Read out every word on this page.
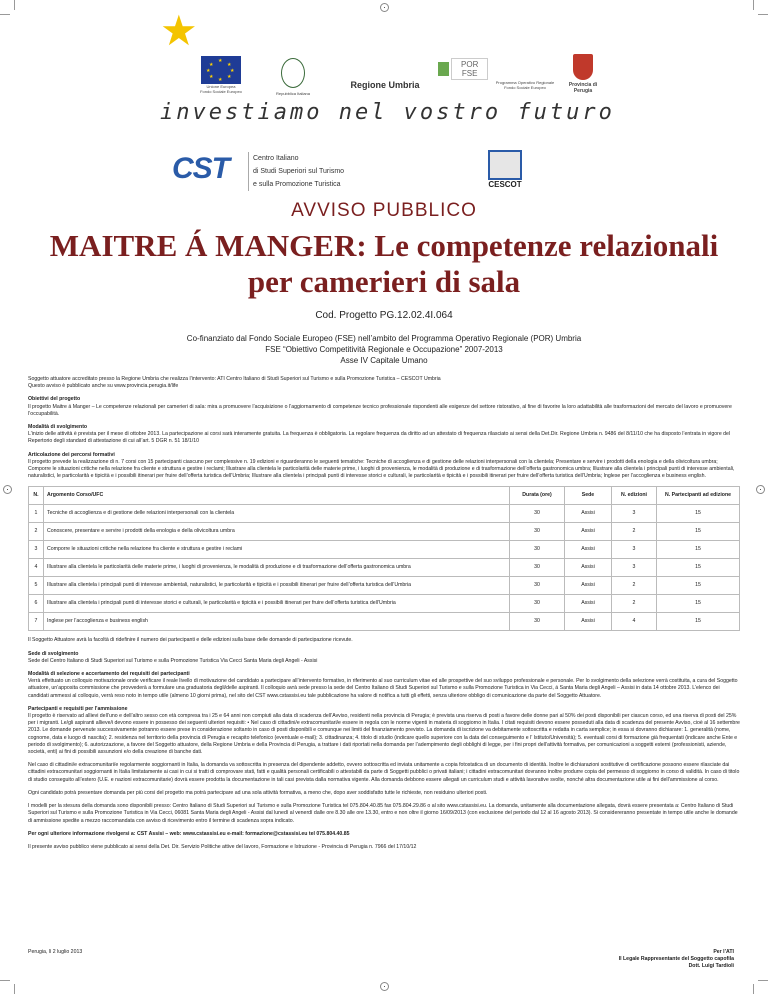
★
★
★
★
★
★
★
★
★
Unione Europea
Fondo Sociale Europeo	Repubblica Italiana
Regione Umbria
POR FSE
Programma Operativo Regionale
Fondo Sociale Europeo	Provincia di Perugia
investiamo nel vostro futuro
CST	Centro Italiano
di Studi Superiori sul Turismo
e sulla Promozione Turistica	CESCOT
AVVISO PUBBLICO
MAITRE Á MANGER: Le competenze relazionali
per camerieri di sala
Cod. Progetto PG.12.02.4I.064
Co-finanziato dal Fondo Sociale Europeo (FSE) nell’ambito del Programma Operativo Regionale (POR) Umbria
FSE “Obiettivo Competitività Regionale e Occupazione” 2007-2013
Asse IV Capitale Umano

Soggetto attuatore accreditato presso la Regione Umbria che realizza l’intervento: ATI Centro Italiano di Studi Superiori sul Turismo e sulla Promozione Turistica – CESCOT Umbria
Questo avviso è pubblicato anche su www.provincia.perugia.it/life

Obiettivi del progetto
Il progetto Maitre á Manger – Le competenze relazionali per camerieri di sala: mira a promuovere l’acquisizione o l’aggiornamento di competenze tecnico professionale rispondenti alle esigenze del settore ristorativo, al fine di favorire la loro adattabilità alle trasformazioni del mercato del lavoro e promuovere l’occupabilità.

Modalità di svolgimento
L’inizio delle attività è prevista per il mese di ottobre 2013. La partecipazione ai corsi sarà interamente gratuita. La frequenza è obbligatoria. La regolare frequenza da diritto ad un attestato di frequenza rilasciato ai sensi della Det.Dir. Regione Umbria n. 9486 del 8/11/10 che ha disposto l’entrata in vigore del Repertorio degli standard di attestazione di cui all’art. 5 DGR n. 51 18/1/10

Articolazione dei percorsi formativi
Il progetto prevede la realizzazione di n. 7 corsi con 15 partecipanti ciascuno per complessive n. 19 edizioni e riguarderanno le seguenti tematiche: Tecniche di accoglienza e di gestione delle relazioni interpersonali con la clientela; Presentare e servire i prodotti della enologia e della olivicoltura umbra; Comporre le situazioni critiche nella relazione fra cliente e struttura e gestire i reclami; Illustrare alla clientela le particolarità delle materie prime, i luoghi di provenienza, le modalità di produzione e di trasformazione dell’offerta gastronomica umbra; Illustrare alla clientela i principali punti di interesse ambientali, naturalistici, le particolarità e tipicità e i possibili itinerari per fruire dell’offerta turistica dell’Umbria; Illustrare alla clientela i principali punti di interesse storici e culturali, le particolarità e tipicità e i possibili itinerari per fruire dell’offerta turistica dell’Umbria; Inglese per l’accoglienza e business english.

N.	Argomento Corso/UFC	Durata (ore)	Sede	N. edizioni	N. Partecipanti ad edizione
1	Tecniche di accoglienza e di gestione delle relazioni interpersonali con la clientela	30	Assisi	3	15
2	Conoscere, presentare e servire i prodotti della enologia e della olivicoltura umbra	30	Assisi	2	15
3	Comporre le situazioni critiche nella relazione fra cliente e struttura e gestire i reclami	30	Assisi	3	15
4	Illustrare alla clientela le particolarità delle materie prime, i luoghi di provenienza, le modalità di produzione e di trasformazione dell’offerta gastronomica umbra	30	Assisi	3	15
5	Illustrare alla clientela i principali punti di interesse ambientali, naturalistici, le particolarità e tipicità e i possibili itinerari per fruire dell’offerta turistica dell’Umbria	30	Assisi	2	15
6	Illustrare alla clientela i principali punti di interesse storici e culturali, le particolarità e tipicità e i possibili itinerari per fruire dell’offerta turistica dell’Umbria	30	Assisi	2	15
7	Inglese per l’accoglienza e business english	30	Assisi	4	15

Il Soggetto Attuatore avrà la facoltà di ridefinire il numero dei partecipanti e delle edizioni sulla base delle domande di partecipazione ricevute.

Sede di svolgimento
Sede del Centro Italiano di Studi Superiori sul Turismo e sulla Promozione Turistica Via Cecci Santa Maria degli Angeli - Assisi

Modalità di selezione e accertamento dei requisiti dei partecipanti
Verrà effettuato un colloquio motivazionale onde verificare il reale livello di motivazione del candidato a partecipare all’intervento formativo, in riferimento al suo curriculum vitae ed alle prospettive del suo sviluppo professionale e personale. Per lo svolgimento della selezione verrà costituita, a cura del Soggetto attuatore, un’apposita commissione che provvederà a formulare una graduatoria degli/delle aspiranti. Il colloquio avrà sede presso la sede del Centro Italiano di Studi Superiori sul Turismo e sulla Promozione Turistica in Via Cecci, á Santa Maria degli Angeli – Assisi in data 14 ottobre 2013. L’elenco dei candidati ammessi al colloquio, verrà reso noto in tempo utile (almeno 10 giorni prima), nel sito del CST www.cstassisi.eu tale pubblicazione ha valore di notifica a tutti gli effetti, senza ulteriore obbligo di comunicazione da parte del Soggetto Attuatore.

Partecipanti e requisiti per l’ammissione
Il progetto è riservato ad allievi dell’uno e dell’altro sesso con età compresa tra i 25 e 64 anni non compiuti alla data di scadenza dell’Avviso, residenti nella provincia di Perugia; è prevista una riserva di posti a favore delle donne pari al 50% dei posti disponibili per ciascun corso, ed una riserva di posti del 25% per i migranti. Le/gli aspiranti allieve/i devono essere in possesso dei seguenti ulteriori requisiti: • Nel caso di cittadini/e extracomunitari/e essere in regola con le norme vigenti in materia di soggiorno in Italia. I citati requisiti devono essere posseduti alla data di scadenza del presente Avviso, cioè al 16 settembre 2013. Le domande pervenute successivamente potranno essere prese in considerazione soltanto in caso di posti disponibili e comunque nei limiti del finanziamento previsto. La domanda di iscrizione va debitamente sottoscritta e redatta in carta semplice; in essa si dovranno dichiarare: 1. generalità (nome, cognome, data e luogo di nascita); 2. residenza nel territorio della provincia di Perugia e recapito telefonico (eventuale e-mail); 3. cittadinanza; 4. titolo di studio (indicare quello superiore con la data del conseguimento e l’ Istituto/Università); 5. eventuali corsi di formazione già frequentati (indicare anche Ente e periodo di svolgimento); 6. autorizzazione, a favore del Soggetto attuatore, della Regione Umbria e della Provincia di Perugia, a trattare i dati riportati nella domanda per l’adempimento degli obblighi di legge, per i fini propri dell’attività formativa, per comunicazioni a soggetti esterni (professionisti, aziende, società, enti) ai fini di possibili assunzioni e/o della creazione di banche dati.

Nel caso di cittadini/e extracomunitari/e regolarmente soggiornanti in Italia, la domanda va sottoscritta in presenza del dipendente addetto, ovvero sottoscritta ed inviata unitamente a copia fotostatica di un documento di identità. Inoltre le dichiarazioni sostitutive di certificazione possono essere rilasciate dai cittadini extracomunitari soggiornanti in Italia limitatamente ai casi in cui si tratti di comprovare stati, fatti e qualità personali certificabili o attestabili da parte di Soggetti pubblici o privati italiani; i cittadini extracomunitari dovranno inoltre produrre copia del permesso di soggiorno in corso di validità. In caso di titolo di studio conseguito all’estero (U.E. e nazioni extracomunitarie) dovrà essere prodotta la documentazione in tali casi prevista dalla normativa vigente. Alla domanda debbono essere allegati un curriculum studi e attività lavorative svolte, nonché altra documentazione utile ai fini dell’ammissione al corso.

Ogni candidato potrà presentare domanda per più corsi del progetto ma potrà partecipare ad una sola attività formativa, a meno che, dopo aver soddisfatto tutte le richieste, non residuino ulteriori posti.

I modelli per la stesura della domanda sono disponibili presso: Centro Italiano di Studi Superiori sul Turismo e sulla Promozione Turistica tel 075.804.40.85 fax 075.804.29.86 o al sito www.cstassisi.eu. La domanda, unitamente alla documentazione allegata, dovrà essere presentata a: Centro Italiano di Studi Superiori sul Turismo e sulla Promozione Turistica in Via Cecci, 06081 Santa Maria degli Angeli - Assisi dal lunedì al venerdì dalle ore 8.30 alle ore 13.30, entro e non oltre il giorno 16/09/2013 (con esclusione del periodo dal 12 al 16 agosto 2013). Si considereranno presentate in tempo utile anche le domande di ammissione spedite a mezzo raccomandata con avviso di ricevimento entro il termine di scadenza sopra indicato.

Per ogni ulteriore informazione rivolgersi a: CST Assisi – web: www.cstassisi.eu e-mail: formazione@cstassisi.eu tel 075.804.40.85

Il presente avviso pubblico viene pubblicato ai sensi della Det. Dir. Servizio Politiche attive del lavoro, Formazione e Istruzione - Provincia di Perugia n. 7966 del 17/10/12

Perugia, lì 2 luglio 2013	Per l’ATI
Il Legale Rappresentante del Soggetto capofila
Dott. Luigi Tardioli
